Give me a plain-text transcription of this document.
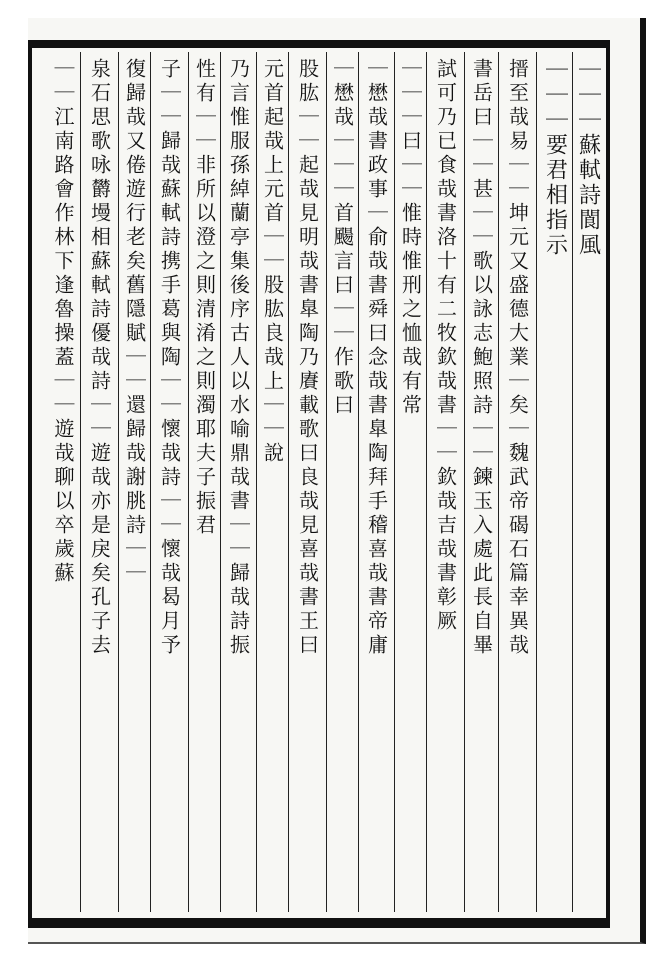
｜｜｜蘇軾詩閬風
｜｜｜要君相指示
搢至哉易｜｜坤元又盛德大業｜矣｜魏武帝碣石篇幸異哉
書岳曰｜｜甚｜｜歌以詠志鮑照詩｜｜鍊玉入處此長自畢
試可乃已食哉書洛十有二牧欽哉書｜｜欽哉吉哉書彰厥
｜｜｜曰｜｜惟時惟刑之恤哉有常
｜懋哉書政事｜俞哉書舜曰念哉書臯陶拜手稽喜哉書帝庸
｜懋哉｜｜｜首颺言曰｜｜作歌曰
股肱｜｜起哉見明哉書臯陶乃賡載歌曰良哉見喜哉書王曰
元首起哉上元首｜｜股肱良哉上｜｜說
乃言惟服孫綽蘭亭集後序古人以水喻鼎哉書｜｜歸哉詩振
性有｜｜非所以澄之則清淆之則濁耶夫子振君
子｜｜歸哉蘇軾詩携手葛與陶｜｜懷哉詩｜｜懷哉曷月予
復歸哉又倦遊行老矣舊隱賦｜｜還歸哉謝朓詩｜｜
泉石思歌咏欝墁相蘇軾詩優哉詩｜｜遊哉亦是戾矣孔子去
｜｜江南路會作林下逢魯操蓋｜｜遊哉聊以卒歲蘇
